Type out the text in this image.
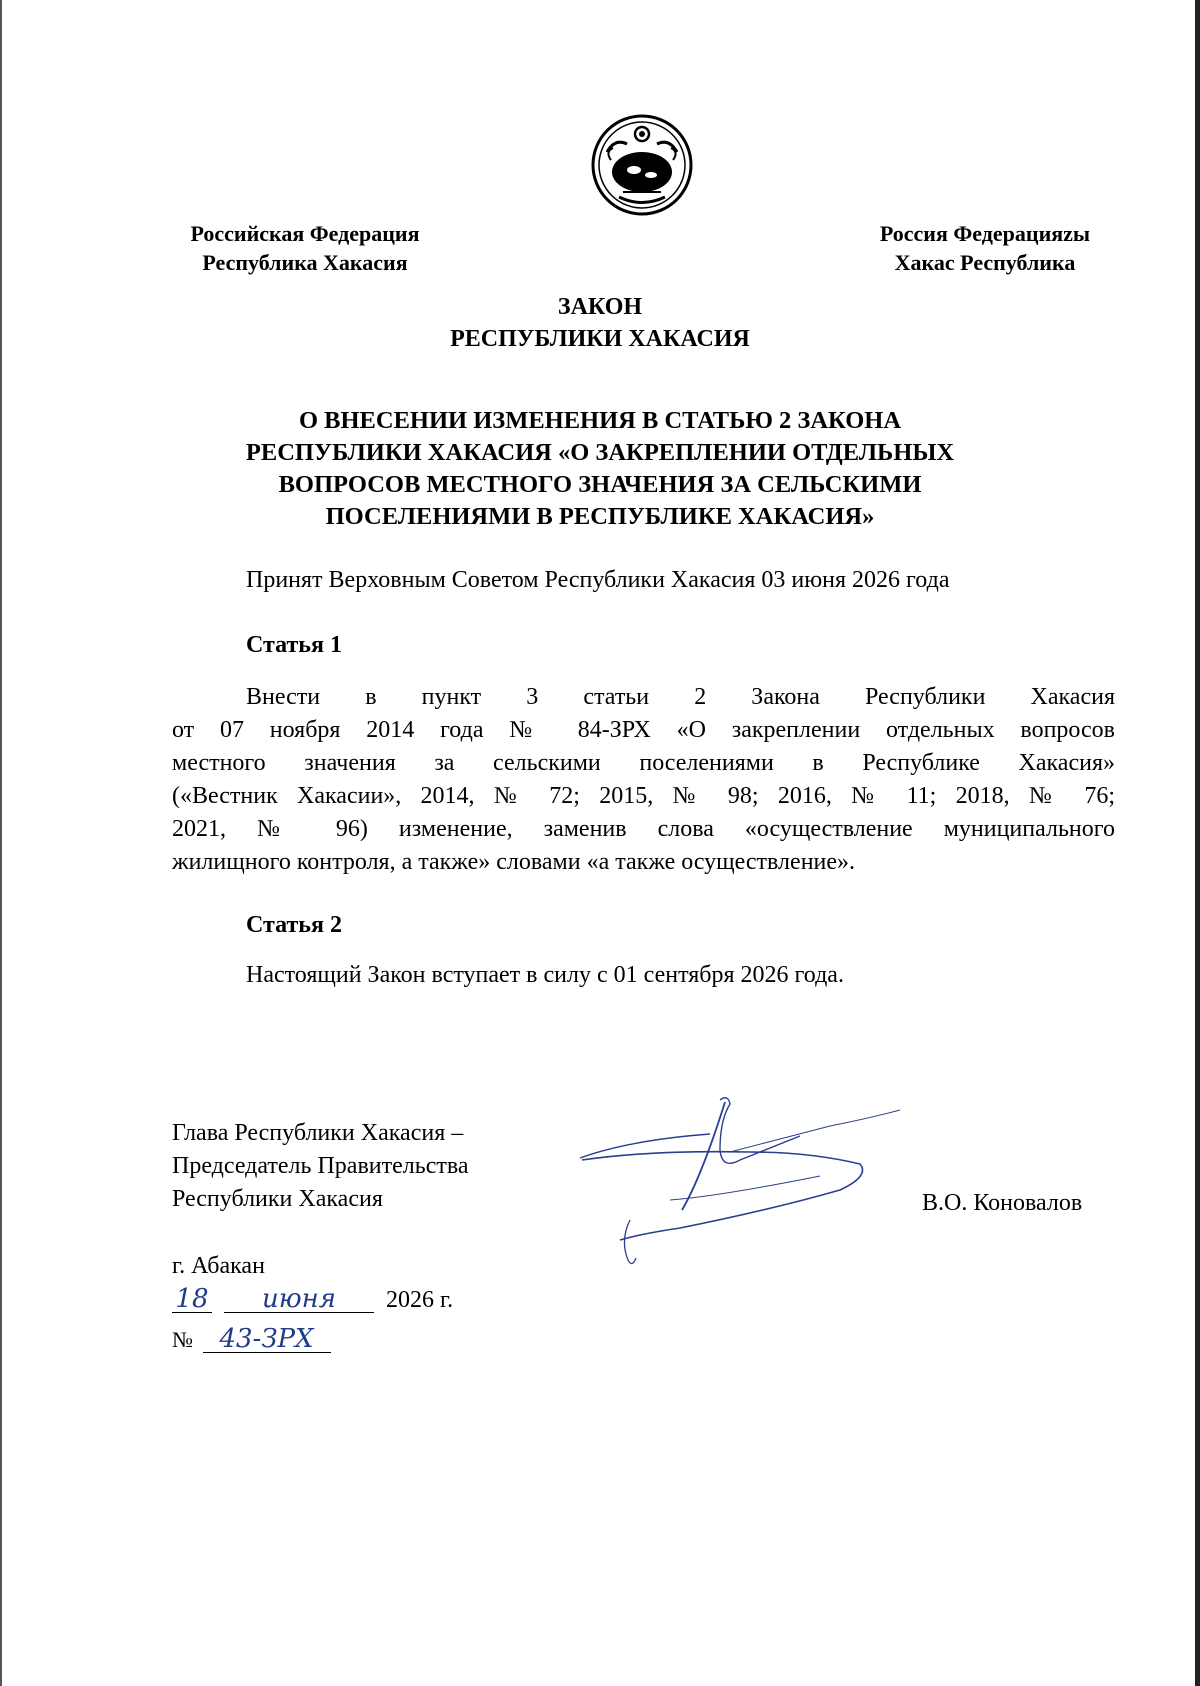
Российская Федерация
Республика Хакасия
Россия Федерацияzы
Хакас Республика
ЗАКОН
РЕСПУБЛИКИ ХАКАСИЯ
О ВНЕСЕНИИ ИЗМЕНЕНИЯ В СТАТЬЮ 2 ЗАКОНА
РЕСПУБЛИКИ ХАКАСИЯ «О ЗАКРЕПЛЕНИИ ОТДЕЛЬНЫХ
ВОПРОСОВ МЕСТНОГО ЗНАЧЕНИЯ ЗА СЕЛЬСКИМИ
ПОСЕЛЕНИЯМИ В РЕСПУБЛИКЕ ХАКАСИЯ»
Принят Верховным Советом Республики Хакасия 03 июня 2026 года
Статья 1
Внести в пункт 3 статьи 2 Закона Республики Хакасия
от 07 ноября 2014 года № 84-ЗРХ «О закреплении отдельных вопросов
местного значения за сельскими поселениями в Республике Хакасия»
(«Вестник Хакасии», 2014, № 72; 2015, № 98; 2016, № 11; 2018, № 76;
2021, № 96) изменение, заменив слова «осуществление муниципального
жилищного контроля, а также» словами «а также осуществление».
Статья 2
Настоящий Закон вступает в силу с 01 сентября 2026 года.
Глава Республики Хакасия –
Председатель Правительства
Республики Хакасия	В.О. Коновалов
г. Абакан
18 июня 2026 г.
№ 43-ЗРХ
